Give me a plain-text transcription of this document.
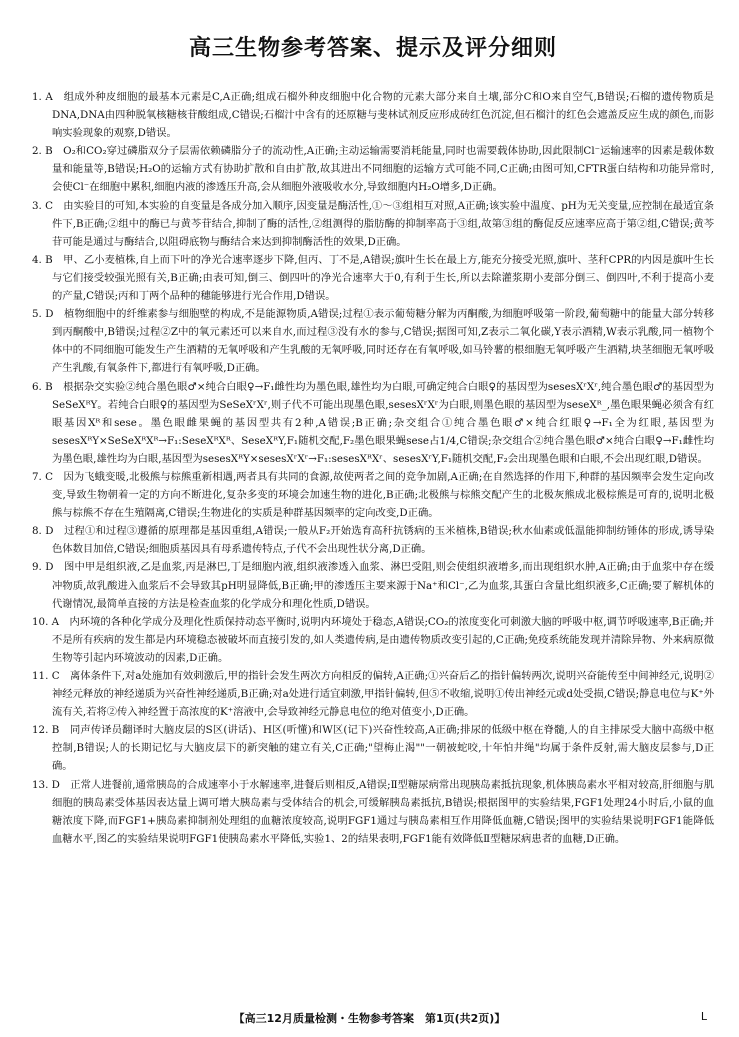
高三生物参考答案、提示及评分细则

1. A　组成外种皮细胞的最基本元素是C,A正确;组成石榴外种皮细胞中化合物的元素大部分来自土壤,部分C和O来自空气,B错误;石榴的遗传物质是DNA,DNA由四种脱氧核糖核苷酸组成,C错误;石榴汁中含有的还原糖与斐林试剂反应形成砖红色沉淀,但石榴汁的红色会遮盖反应生成的颜色,而影响实验现象的观察,D错误。

2. B　O₂和CO₂穿过磷脂双分子层需依赖磷脂分子的流动性,A正确;主动运输需要消耗能量,同时也需要载体协助,因此限制Cl⁻运输速率的因素是载体数量和能量等,B错误;H₂O的运输方式有协助扩散和自由扩散,故其进出不同细胞的运输方式可能不同,C正确;由图可知,CFTR蛋白结构和功能异常时,会使Cl⁻在细胞中累积,细胞内液的渗透压升高,会从细胞外液吸收水分,导致细胞内H₂O增多,D正确。

3. C　由实验目的可知,本实验的自变量是各成分加入顺序,因变量是酶活性,①～③组相互对照,A正确;该实验中温度、pH为无关变量,应控制在最适宜条件下,B正确;②组中的酶已与黄芩苷结合,抑制了酶的活性,②组测得的脂肪酶的抑制率高于③组,故第③组的酶促反应速率应高于第②组,C错误;黄芩苷可能是通过与酶结合,以阻碍底物与酶结合来达到抑制酶活性的效果,D正确。

4. B　甲、乙小麦植株,自上而下叶的净光合速率逐步下降,但丙、丁不是,A错误;旗叶生长在最上方,能充分接受光照,旗叶、茎秆CPR的内因是旗叶生长与它们接受较强光照有关,B正确;由表可知,倒三、倒四叶的净光合速率大于0,有利于生长,所以去除灌浆期小麦部分倒三、倒四叶,不利于提高小麦的产量,C错误;丙和丁两个品种的穗能够进行光合作用,D错误。

5. D　植物细胞中的纤维素参与细胞壁的构成,不是能源物质,A错误;过程①表示葡萄糖分解为丙酮酸,为细胞呼吸第一阶段,葡萄糖中的能量大部分转移到丙酮酸中,B错误;过程②Z中的氧元素还可以来自水,而过程③没有水的参与,C错误;据图可知,Z表示二氧化碳,Y表示酒精,W表示乳酸,同一植物个体中的不同细胞可能发生产生酒精的无氧呼吸和产生乳酸的无氧呼吸,同时还存在有氧呼吸,如马铃薯的根细胞无氧呼吸产生酒精,块茎细胞无氧呼吸产生乳酸,有氧条件下,都进行有氧呼吸,D正确。

6. B　根据杂交实验②纯合墨色眼♂×纯合白眼♀→F₁雌性均为墨色眼,雄性均为白眼,可确定纯合白眼♀的基因型为sesesXʳXʳ,纯合墨色眼♂的基因型为SeSeXᴿY。若纯合白眼♀的基因型为SeSeXʳXʳ,则子代不可能出现墨色眼,sesesXʳXʳ为白眼,则墨色眼的基因型为seseXᴿ_,墨色眼果蝇必须含有红眼基因Xᴿ和sese。墨色眼雌果蝇的基因型共有2种,A错误;B正确;杂交组合①纯合墨色眼♂×纯合红眼♀→F₁全为红眼,基因型为sesesXᴿY×SeSeXᴿXᴿ→F₁:SeseXᴿXᴿ、SeseXᴿY,F₁随机交配,F₂墨色眼果蝇sese占1/4,C错误;杂交组合②纯合墨色眼♂×纯合白眼♀→F₁雌性均为墨色眼,雄性均为白眼,基因型为sesesXᴿY×sesesXʳXʳ→F₁:sesesXᴿXʳ、sesesXʳY,F₁随机交配,F₂会出现墨色眼和白眼,不会出现红眼,D错误。

7. C　因为飞蛾变暖,北极熊与棕熊重新相遇,两者具有共同的食源,故使两者之间的竞争加剧,A正确;在自然选择的作用下,种群的基因频率会发生定向改变,导致生物朝着一定的方向不断进化,复杂多变的环境会加速生物的进化,B正确;北极熊与棕熊交配产生的北极灰熊成北极棕熊是可育的,说明北极熊与棕熊不存在生殖隔离,C错误;生物进化的实质是种群基因频率的定向改变,D正确。

8. D　过程①和过程③遵循的原理都是基因重组,A错误;一般从F₂开始选育高秆抗锈病的玉米植株,B错误;秋水仙素或低温能抑制纺锤体的形成,诱导染色体数目加倍,C错误;细胞质基因具有母系遗传特点,子代不会出现性状分离,D正确。

9. D　图中甲是组织液,乙是血浆,丙是淋巴,丁是细胞内液,组织液渗透入血浆、淋巴受阻,则会使组织液增多,而出现组织水肿,A正确;由于血浆中存在缓冲物质,故乳酸进入血浆后不会导致其pH明显降低,B正确;甲的渗透压主要来源于Na⁺和Cl⁻,乙为血浆,其蛋白含量比组织液多,C正确;要了解机体的代谢情况,最简单直接的方法是检查血浆的化学成分和理化性质,D错误。

10. A　内环境的各种化学成分及理化性质保持动态平衡时,说明内环境处于稳态,A错误;CO₂的浓度变化可刺激大脑的呼吸中枢,调节呼吸速率,B正确;并不是所有疾病的发生都是内环境稳态被破坏而直接引发的,如人类遗传病,是由遗传物质改变引起的,C正确;免疫系统能发现并清除异物、外来病原微生物等引起内环境波动的因素,D正确。

11. C　离体条件下,对a处施加有效刺激后,甲的指针会发生两次方向相反的偏转,A正确;①兴奋后乙的指针偏转两次,说明兴奋能传至中间神经元,说明②神经元释放的神经递质为兴奋性神经递质,B正确;对a处进行适宜刺激,甲指针偏转,但⑤不收缩,说明①传出神经元或d处受损,C错误;静息电位与K⁺外流有关,若将②传入神经置于高浓度的K⁺溶液中,会导致神经元静息电位的绝对值变小,D正确。

12. B　同声传译员翻译时大脑皮层的S区(讲话)、H区(听懂)和W区(记下)兴奋性较高,A正确;排尿的低级中枢在脊髓,人的自主排尿受大脑中高级中枢控制,B错误;人的长期记忆与大脑皮层下的新突触的建立有关,C正确;"望梅止渴""一朝被蛇咬,十年怕井绳"均属于条件反射,需大脑皮层参与,D正确。

13. D　正常人进餐前,通常胰岛的合成速率小于水解速率,进餐后则相反,A错误;Ⅱ型糖尿病常出现胰岛素抵抗现象,机体胰岛素水平相对较高,肝细胞与肌细胞的胰岛素受体基因表达量上调可增大胰岛素与受体结合的机会,可缓解胰岛素抵抗,B错误;根据图甲的实验结果,FGF1处理24小时后,小鼠的血糖浓度下降,而FGF1+胰岛素抑制剂处理组的血糖浓度较高,说明FGF1通过与胰岛素相互作用降低血糖,C错误;图甲的实验结果说明FGF1能降低血糖水平,图乙的实验结果说明FGF1使胰岛素水平降低,实验1、2的结果表明,FGF1能有效降低Ⅱ型糖尿病患者的血糖,D正确。

【高三12月质量检测・生物参考答案　第1页(共2页)】	L
